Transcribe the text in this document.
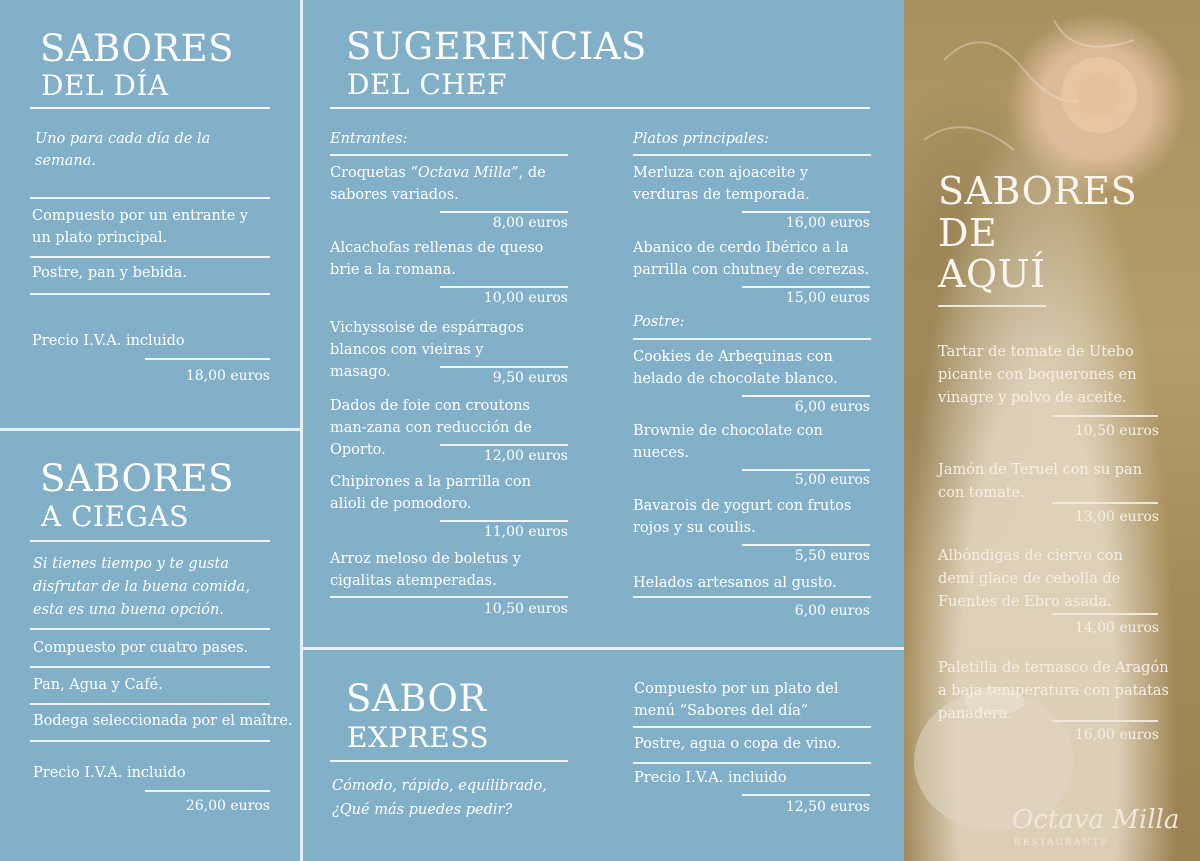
SABORES
DEL DÍA
Uno para cada día de la semana.
Compuesto por un entrante y un plato principal.
Postre, pan y bebida.
Precio I.V.A. incluido
18,00 euros
SABORES
A CIEGAS
Si tienes tiempo y te gusta disfrutar de la buena comida, esta es una buena opción.
Compuesto por cuatro pases.
Pan, Agua y Café.
Bodega seleccionada por el maître.
Precio I.V.A. incluido
26,00 euros
SUGERENCIAS
DEL CHEF
Entrantes:
Croquetas “Octava Milla”, de sabores variados.
8,00 euros
Alcachofas rellenas de queso brie a la romana.
10,00 euros
Vichyssoise de espárragos blancos con vieiras y masago.	9,50 euros
Dados de foie con croutons man-zana con reducción de Oporto.	12,00 euros
Chipirones a la parrilla con alioli de pomodoro.
11,00 euros
Arroz meloso de boletus y cigalitas atemperadas.
10,50 euros
Platos principales:
Merluza con ajoaceite y verduras de temporada.
16,00 euros
Abanico de cerdo Ibérico a la parrilla con chutney de cerezas.
15,00 euros
Postre:
Cookies de Arbequinas con helado de chocolate blanco.
6,00 euros
Brownie de chocolate con nueces.
5,00 euros
Bavarois de yogurt con frutos rojos y su coulis.
5,50 euros
Helados artesanos al gusto.
6,00 euros
SABOR
EXPRESS
Cómodo, rápido, equilibrado,
¿Qué más puedes pedir?
Compuesto por un plato del menú “Sabores del día”
Postre, agua o copa de vino.
Precio I.V.A. incluido
12,50 euros
SABORES
DE
AQUÍ
Tartar de tomate de Utebo picante con boquerones en vinagre y polvo de aceite.
10,50 euros
Jamón de Teruel con su pan con tomate.
13,00 euros
Albóndigas de ciervo con demi glace de cebolla de Fuentes de Ebro asada.
14,00 euros
Paletilla de ternasco de Aragón a baja temperatura con patatas panadera.
16,00 euros
Octava Milla
RESTAURANTE
